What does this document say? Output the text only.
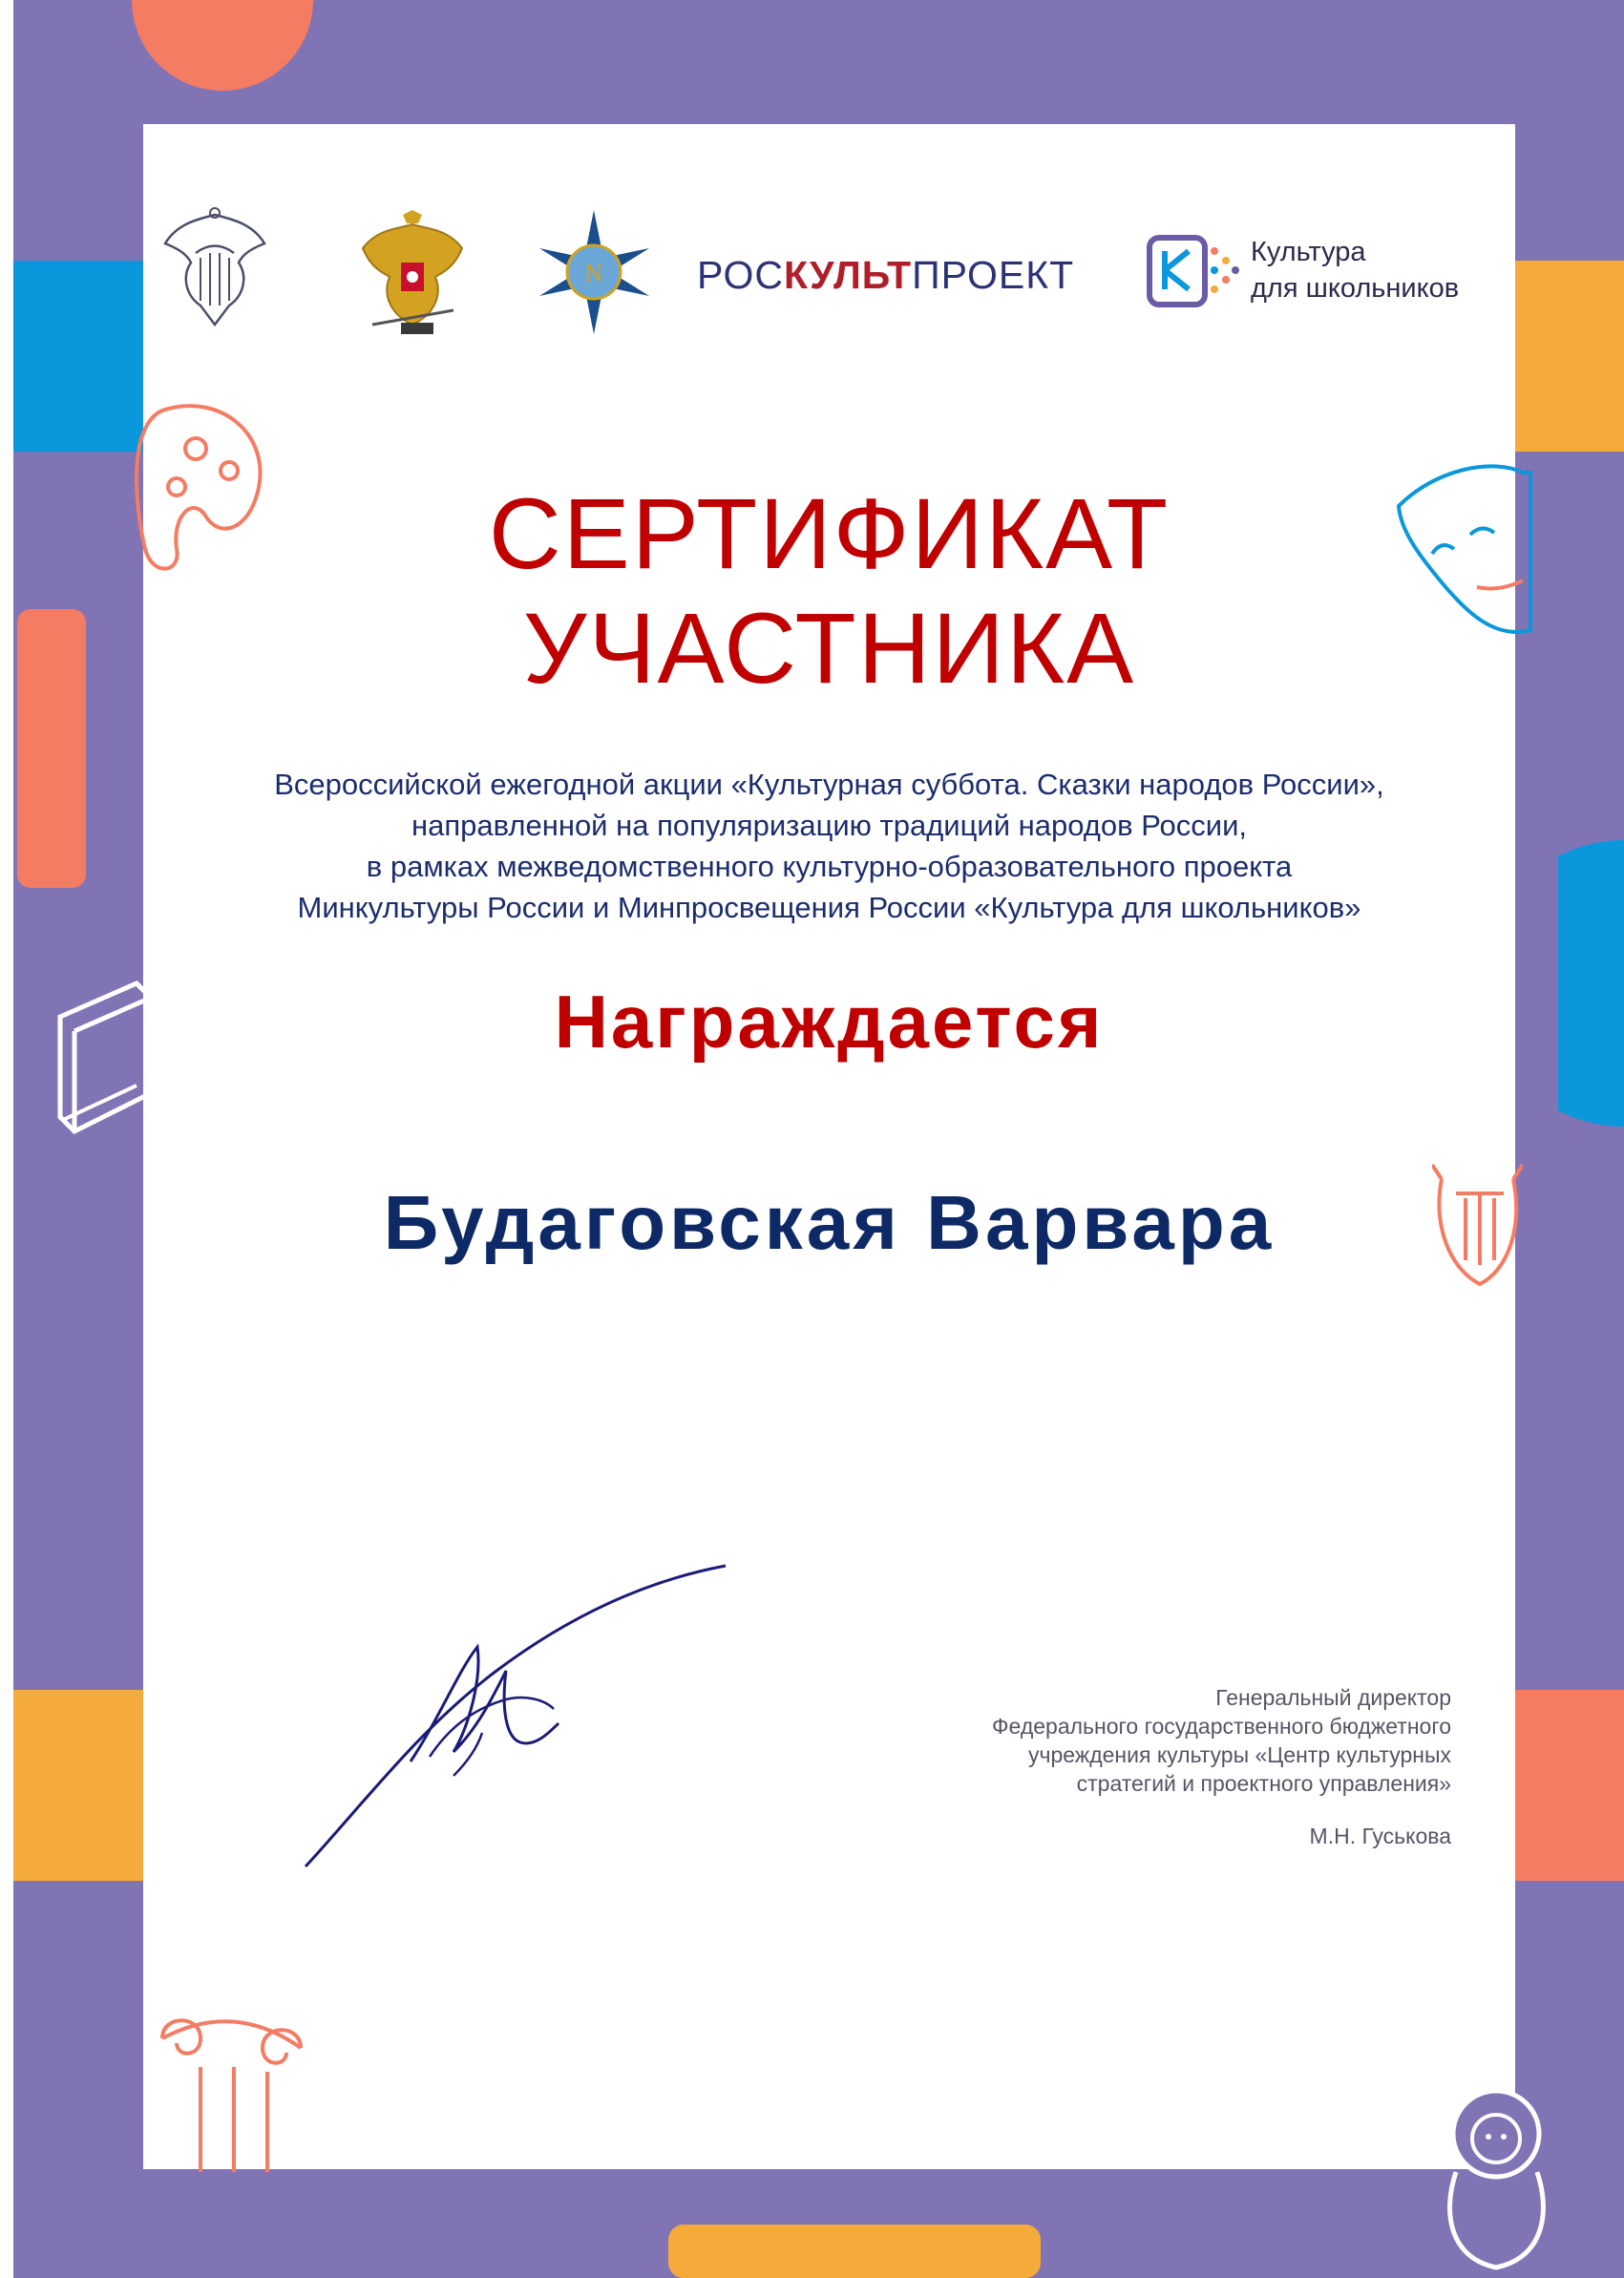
N РОСКУЛЬТПРОЕКТ
Культура
для школьников
СЕРТИФИКАТ
УЧАСТНИКА
Всероссийской ежегодной акции «Культурная суббота. Сказки народов России»,
направленной на популяризацию традиций народов России,
в рамках межведомственного культурно-образовательного проекта
Минкультуры России и Минпросвещения России «Культура для школьников»
Награждается
Будаговская Варвара
Генеральный директор
Федерального государственного бюджетного
учреждения культуры «Центр культурных
стратегий и проектного управления»
М.Н. Гуськова
